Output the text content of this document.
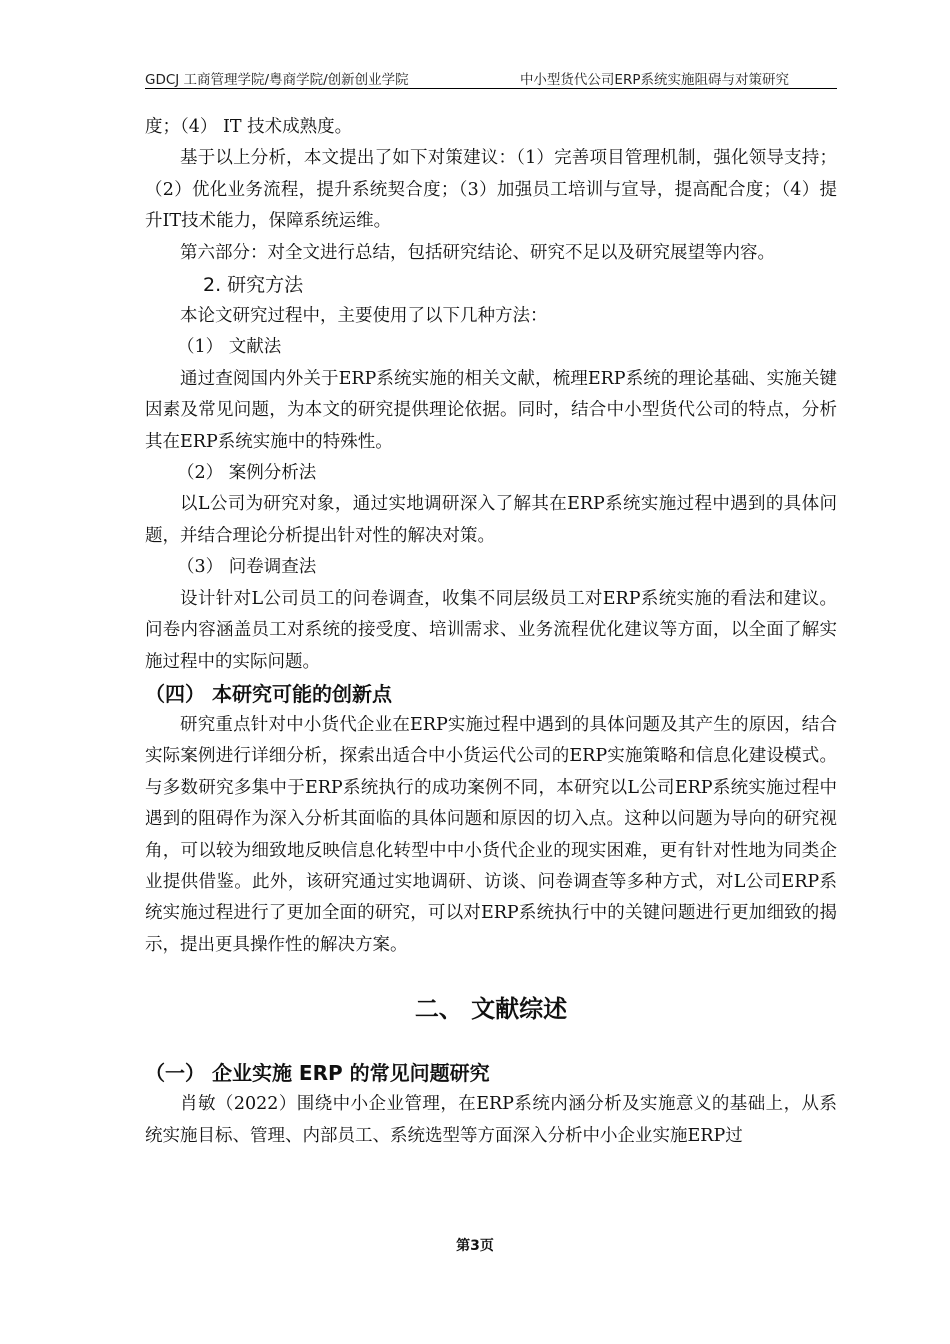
GDCJ 工商管理学院/粤商学院/创新创业学院	中小型货代公司ERP系统实施阻碍与对策研究

度；（4） IT 技术成熟度。

基于以上分析，本文提出了如下对策建议：（1）完善项目管理机制，强化领导支持；（2）优化业务流程，提升系统契合度；（3）加强员工培训与宣导，提高配合度；（4）提升IT技术能力，保障系统运维。

第六部分：对全文进行总结，包括研究结论、研究不足以及研究展望等内容。

2. 研究方法

本论文研究过程中，主要使用了以下几种方法：

（1） 文献法

通过查阅国内外关于ERP系统实施的相关文献，梳理ERP系统的理论基础、实施关键因素及常见问题，为本文的研究提供理论依据。同时，结合中小型货代公司的特点，分析其在ERP系统实施中的特殊性。

（2） 案例分析法

以L公司为研究对象，通过实地调研深入了解其在ERP系统实施过程中遇到的具体问题，并结合理论分析提出针对性的解决对策。

（3） 问卷调查法

设计针对L公司员工的问卷调查，收集不同层级员工对ERP系统实施的看法和建议。问卷内容涵盖员工对系统的接受度、培训需求、业务流程优化建议等方面，以全面了解实施过程中的实际问题。

（四） 本研究可能的创新点

研究重点针对中小货代企业在ERP实施过程中遇到的具体问题及其产生的原因，结合实际案例进行详细分析，探索出适合中小货运代公司的ERP实施策略和信息化建设模式。与多数研究多集中于ERP系统执行的成功案例不同，本研究以L公司ERP系统实施过程中遇到的阻碍作为深入分析其面临的具体问题和原因的切入点。这种以问题为导向的研究视角，可以较为细致地反映信息化转型中中小货代企业的现实困难，更有针对性地为同类企业提供借鉴。此外，该研究通过实地调研、访谈、问卷调查等多种方式，对L公司ERP系统实施过程进行了更加全面的研究，可以对ERP系统执行中的关键问题进行更加细致的揭示，提出更具操作性的解决方案。

二、 文献综述
（一） 企业实施 ERP 的常见问题研究

肖敏（2022）围绕中小企业管理，在ERP系统内涵分析及实施意义的基础上，从系统实施目标、管理、内部员工、系统选型等方面深入分析中小企业实施ERP过

第3页
